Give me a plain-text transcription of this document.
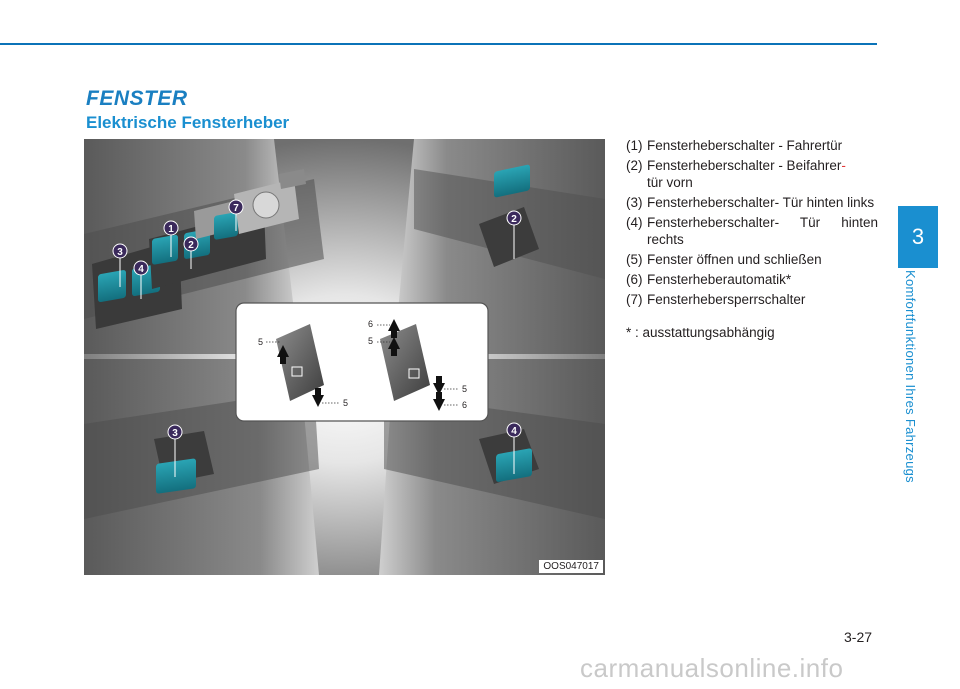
FENSTER
Elektrische Fensterheber
1
2
3
4
7
2
3	4
5
5
6
5
5
6
OOS047017
(1) Fensterheberschalter - Fahrertür
(2) Fensterheberschalter - Beifahrer-
tür vorn
(3) Fensterheberschalter- Tür hinten links
(4) Fensterheberschalter- Tür hinten rechts
(5) Fenster öffnen und schließen
(6) Fensterheberautomatik*
(7) Fensterhebersperrschalter
* : ausstattungsabhängig
3
Komfortfunktionen Ihres Fahrzeugs
3-27
carmanualsonline.info
